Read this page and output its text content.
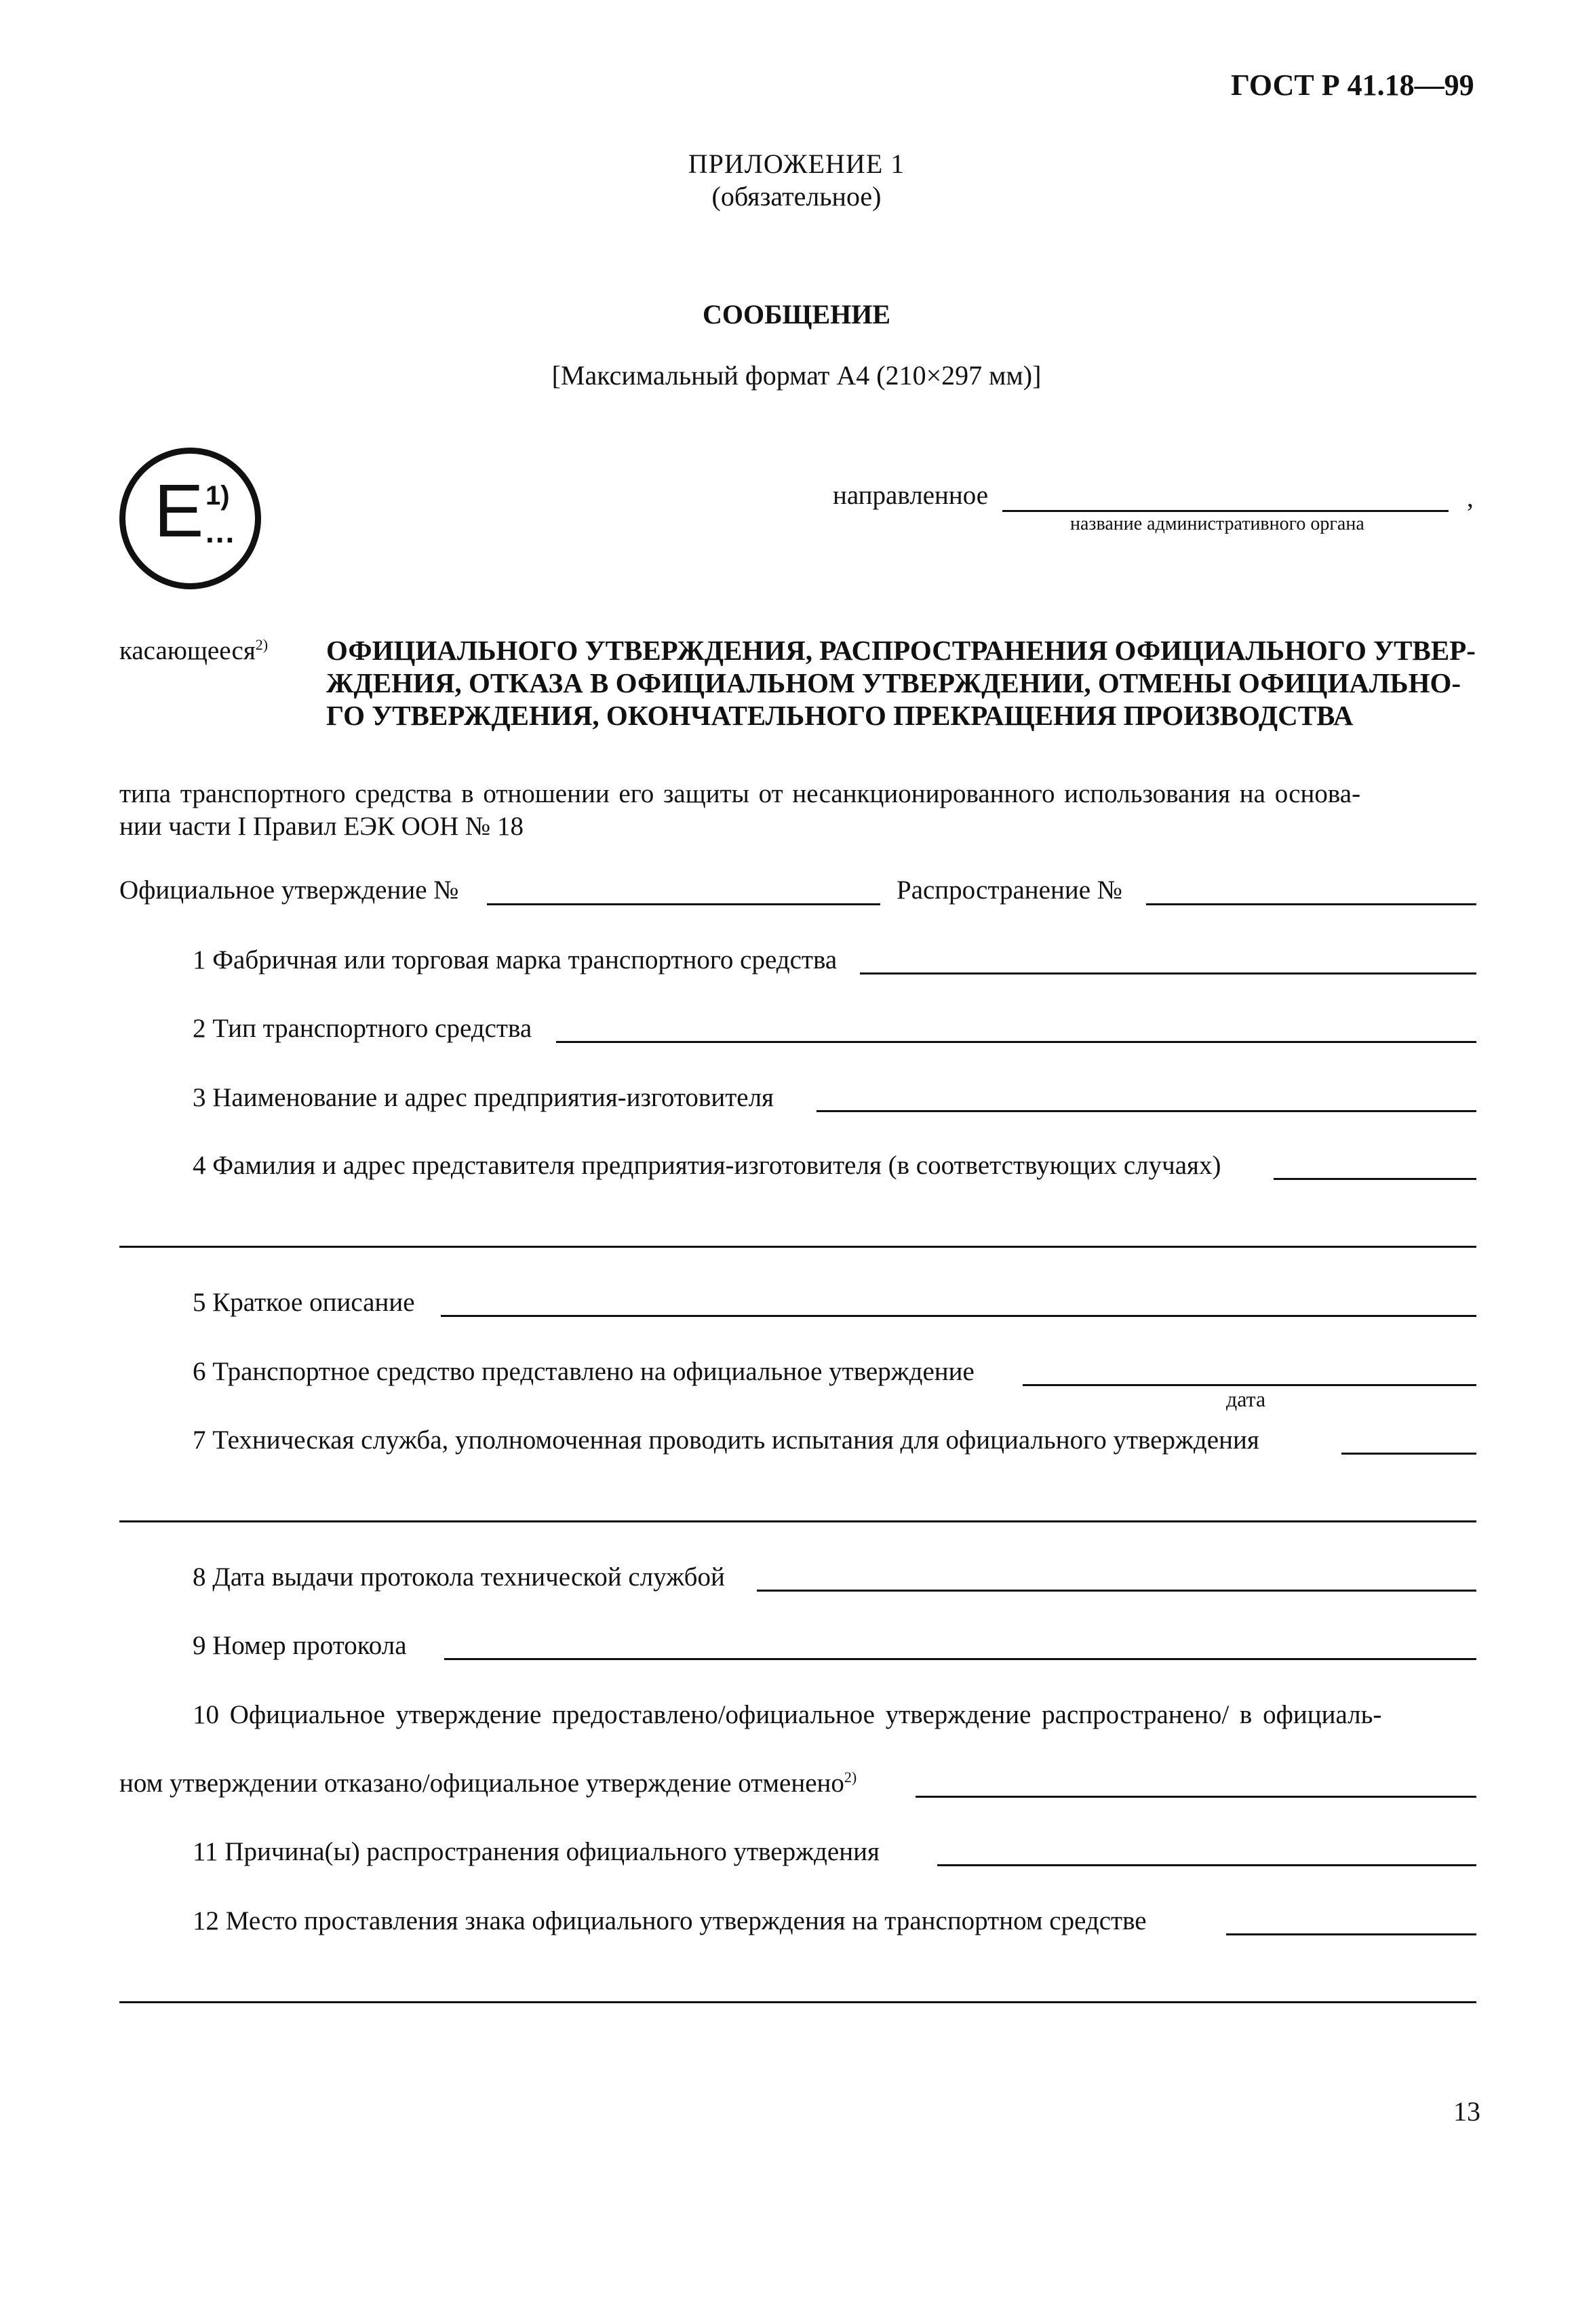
ГОСТ Р 41.18—99
ПРИЛОЖЕНИЕ 1
(обязательное)
СООБЩЕНИЕ
[Максимальный формат А4 (210×297 мм)]
E 1)
...
направленное	,
название административного органа
касающееся$^{2)}$ ОФИЦИАЛЬНОГО УТВЕРЖДЕНИЯ, РАСПРОСТРАНЕНИЯ ОФИЦИАЛЬНОГО УТВЕР-
ЖДЕНИЯ, ОТКАЗА В ОФИЦИАЛЬНОМ УТВЕРЖДЕНИИ, ОТМЕНЫ ОФИЦИАЛЬНО-
ГО УТВЕРЖДЕНИЯ, ОКОНЧАТЕЛЬНОГО ПРЕКРАЩЕНИЯ ПРОИЗВОДСТВА
типа транспортного средства в отношении его защиты от несанкционированного использования на основа-
нии части I Правил ЕЭК ООН № 18
Официальное утверждение №	Распространение №
1 Фабричная или торговая марка транспортного средства
2 Тип транспортного средства
3 Наименование и адрес предприятия-изготовителя
4 Фамилия и адрес представителя предприятия-изготовителя (в соответствующих случаях)
5 Краткое описание
6 Транспортное средство представлено на официальное утверждение
дата
7 Техническая служба, уполномоченная проводить испытания для официального утверждения
8 Дата выдачи протокола технической службой
9 Номер протокола
10 Официальное утверждение предоставлено/официальное утверждение распространено/ в официаль-
ном утверждении отказано/официальное утверждение отменено$^{2)}$
11 Причина(ы) распространения официального утверждения
12 Место проставления знака официального утверждения на транспортном средстве
13
